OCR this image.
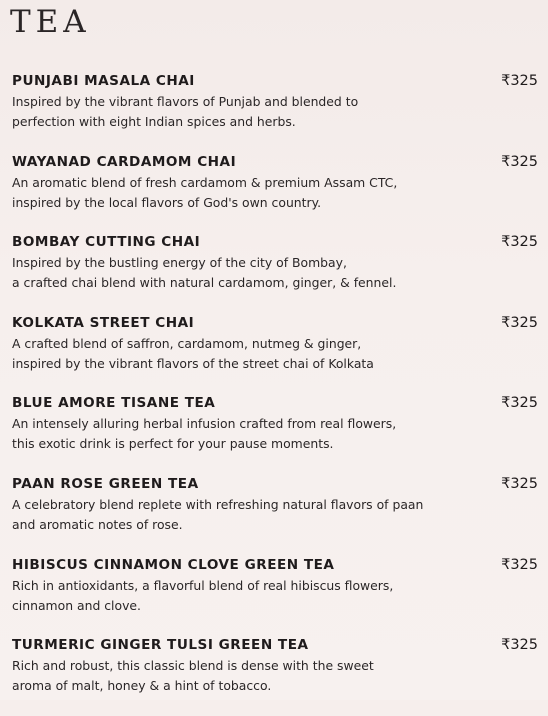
TEA
PUNJABI MASALA CHAI	₹325
Inspired by the vibrant flavors of Punjab and blended to
perfection with eight Indian spices and herbs.
WAYANAD CARDAMOM CHAI	₹325
An aromatic blend of fresh cardamom & premium Assam CTC,
inspired by the local flavors of God's own country.
BOMBAY CUTTING CHAI	₹325
Inspired by the bustling energy of the city of Bombay,
a crafted chai blend with natural cardamom, ginger, & fennel.
KOLKATA STREET CHAI	₹325
A crafted blend of saffron, cardamom, nutmeg & ginger,
inspired by the vibrant flavors of the street chai of Kolkata
BLUE AMORE TISANE TEA	₹325
An intensely alluring herbal infusion crafted from real flowers,
this exotic drink is perfect for your pause moments.
PAAN ROSE GREEN TEA	₹325
A celebratory blend replete with refreshing natural flavors of paan
and aromatic notes of rose.
HIBISCUS CINNAMON CLOVE GREEN TEA	₹325
Rich in antioxidants, a flavorful blend of real hibiscus flowers,
cinnamon and clove.
TURMERIC GINGER TULSI GREEN TEA	₹325
Rich and robust, this classic blend is dense with the sweet
aroma of malt, honey & a hint of tobacco.
